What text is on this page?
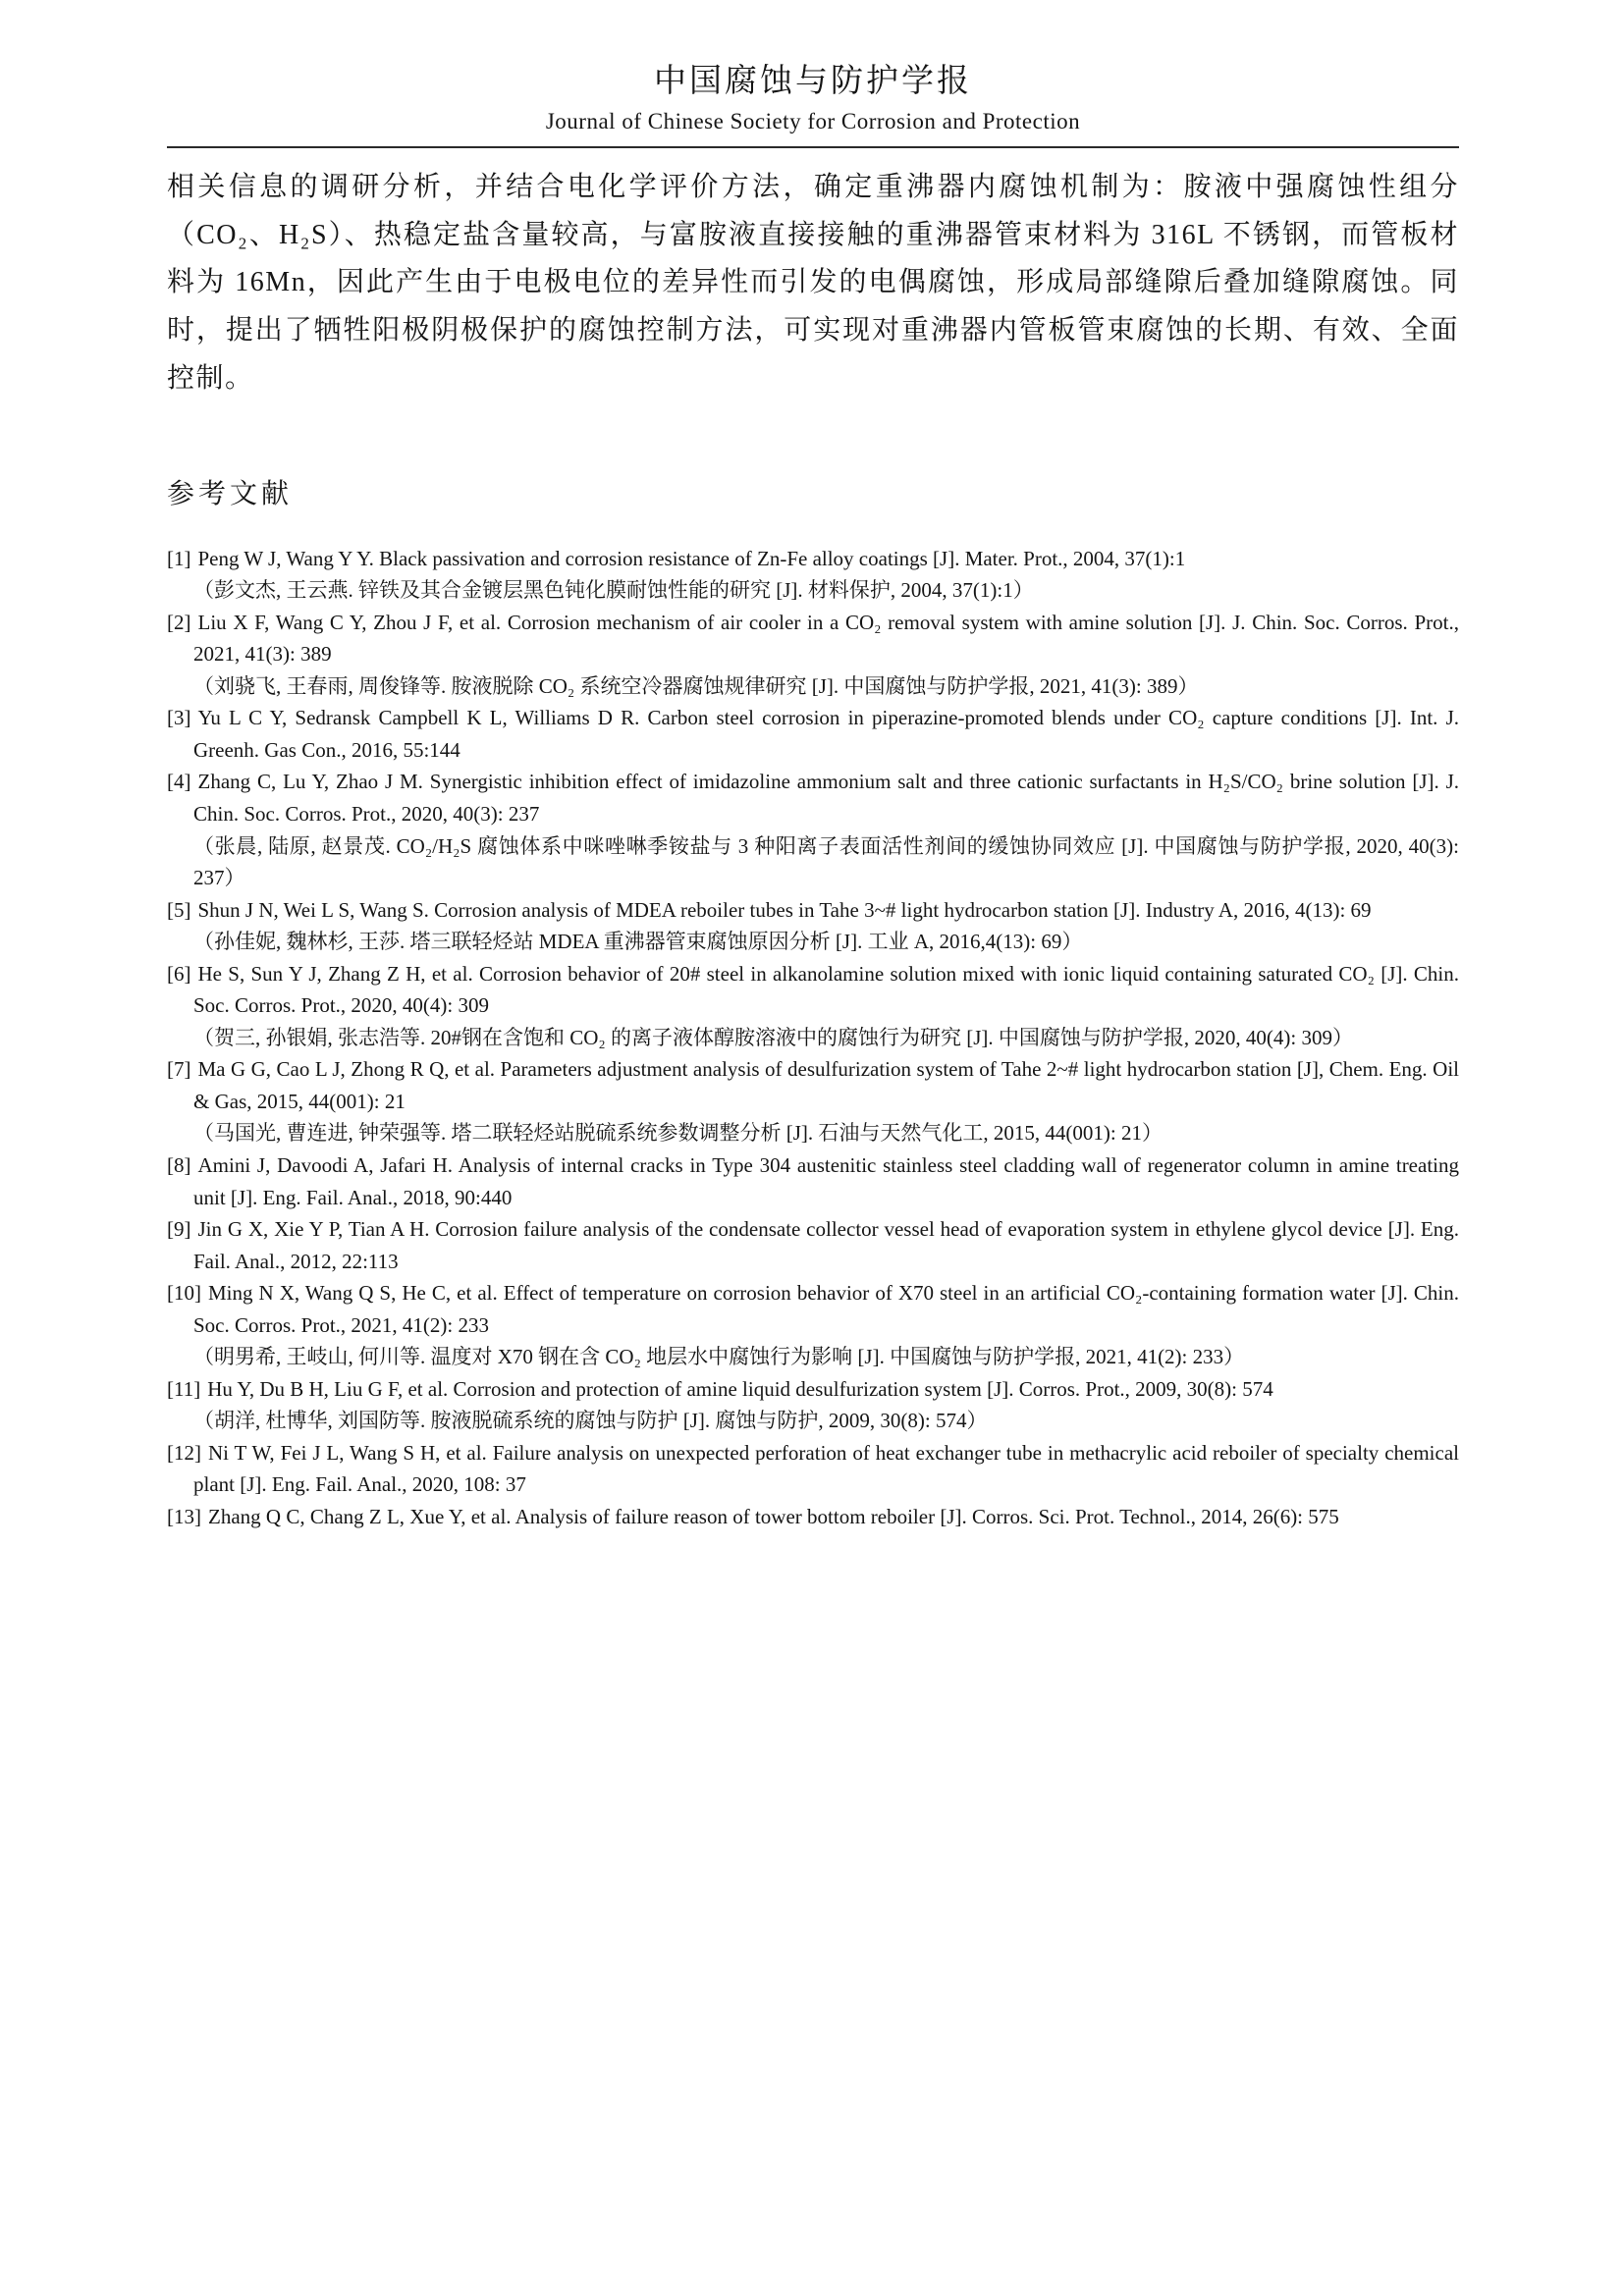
中国腐蚀与防护学报
Journal of Chinese Society for Corrosion and Protection

相关信息的调研分析，并结合电化学评价方法，确定重沸器内腐蚀机制为：胺液中强腐蚀性组分（CO₂、H₂S）、热稳定盐含量较高，与富胺液直接接触的重沸器管束材料为 316L 不锈钢，而管板材料为 16Mn，因此产生由于电极电位的差异性而引发的电偶腐蚀，形成局部缝隙后叠加缝隙腐蚀。同时，提出了牺牲阳极阴极保护的腐蚀控制方法，可实现对重沸器内管板管束腐蚀的长期、有效、全面控制。

参考文献

[1] Peng W J, Wang Y Y. Black passivation and corrosion resistance of Zn-Fe alloy coatings [J]. Mater. Prot., 2004, 37(1):1

（彭文杰, 王云燕. 锌铁及其合金镀层黑色钝化膜耐蚀性能的研究 [J]. 材料保护, 2004, 37(1):1）

[2] Liu X F, Wang C Y, Zhou J F, et al. Corrosion mechanism of air cooler in a CO₂ removal system with amine solution [J]. J. Chin. Soc. Corros. Prot., 2021, 41(3): 389

（刘骁飞, 王春雨, 周俊锋等. 胺液脱除 CO₂ 系统空冷器腐蚀规律研究 [J]. 中国腐蚀与防护学报, 2021, 41(3): 389）

[3] Yu L C Y, Sedransk Campbell K L, Williams D R. Carbon steel corrosion in piperazine-promoted blends under CO₂ capture conditions [J]. Int. J. Greenh. Gas Con., 2016, 55:144

[4] Zhang C, Lu Y, Zhao J M. Synergistic inhibition effect of imidazoline ammonium salt and three cationic surfactants in H₂S/CO₂ brine solution [J]. J. Chin. Soc. Corros. Prot., 2020, 40(3): 237

（张晨, 陆原, 赵景茂. CO₂/H₂S 腐蚀体系中咪唑啉季铵盐与 3 种阳离子表面活性剂间的缓蚀协同效应 [J]. 中国腐蚀与防护学报, 2020, 40(3): 237）

[5] Shun J N, Wei L S, Wang S. Corrosion analysis of MDEA reboiler tubes in Tahe 3~# light hydrocarbon station [J]. Industry A, 2016, 4(13): 69

（孙佳妮, 魏林杉, 王莎. 塔三联轻烃站 MDEA 重沸器管束腐蚀原因分析 [J]. 工业 A, 2016,4(13): 69）

[6] He S, Sun Y J, Zhang Z H, et al. Corrosion behavior of 20# steel in alkanolamine solution mixed with ionic liquid containing saturated CO₂ [J]. Chin. Soc. Corros. Prot., 2020, 40(4): 309

（贺三, 孙银娟, 张志浩等. 20#钢在含饱和 CO₂ 的离子液体醇胺溶液中的腐蚀行为研究 [J]. 中国腐蚀与防护学报, 2020, 40(4): 309）

[7] Ma G G, Cao L J, Zhong R Q, et al. Parameters adjustment analysis of desulfurization system of Tahe 2~# light hydrocarbon station [J], Chem. Eng. Oil & Gas, 2015, 44(001): 21

（马国光, 曹连进, 钟荣强等. 塔二联轻烃站脱硫系统参数调整分析 [J]. 石油与天然气化工, 2015, 44(001): 21）

[8] Amini J, Davoodi A, Jafari H. Analysis of internal cracks in Type 304 austenitic stainless steel cladding wall of regenerator column in amine treating unit [J]. Eng. Fail. Anal., 2018, 90:440

[9] Jin G X, Xie Y P, Tian A H. Corrosion failure analysis of the condensate collector vessel head of evaporation system in ethylene glycol device [J]. Eng. Fail. Anal., 2012, 22:113

[10] Ming N X, Wang Q S, He C, et al. Effect of temperature on corrosion behavior of X70 steel in an artificial CO₂-containing formation water [J]. Chin. Soc. Corros. Prot., 2021, 41(2): 233

（明男希, 王岐山, 何川等. 温度对 X70 钢在含 CO₂ 地层水中腐蚀行为影响 [J]. 中国腐蚀与防护学报, 2021, 41(2): 233）

[11] Hu Y, Du B H, Liu G F, et al. Corrosion and protection of amine liquid desulfurization system [J]. Corros. Prot., 2009, 30(8): 574

（胡洋, 杜博华, 刘国防等. 胺液脱硫系统的腐蚀与防护 [J]. 腐蚀与防护, 2009, 30(8): 574）

[12] Ni T W, Fei J L, Wang S H, et al. Failure analysis on unexpected perforation of heat exchanger tube in methacrylic acid reboiler of specialty chemical plant [J]. Eng. Fail. Anal., 2020, 108: 37

[13] Zhang Q C, Chang Z L, Xue Y, et al. Analysis of failure reason of tower bottom reboiler [J]. Corros. Sci. Prot. Technol., 2014, 26(6): 575
